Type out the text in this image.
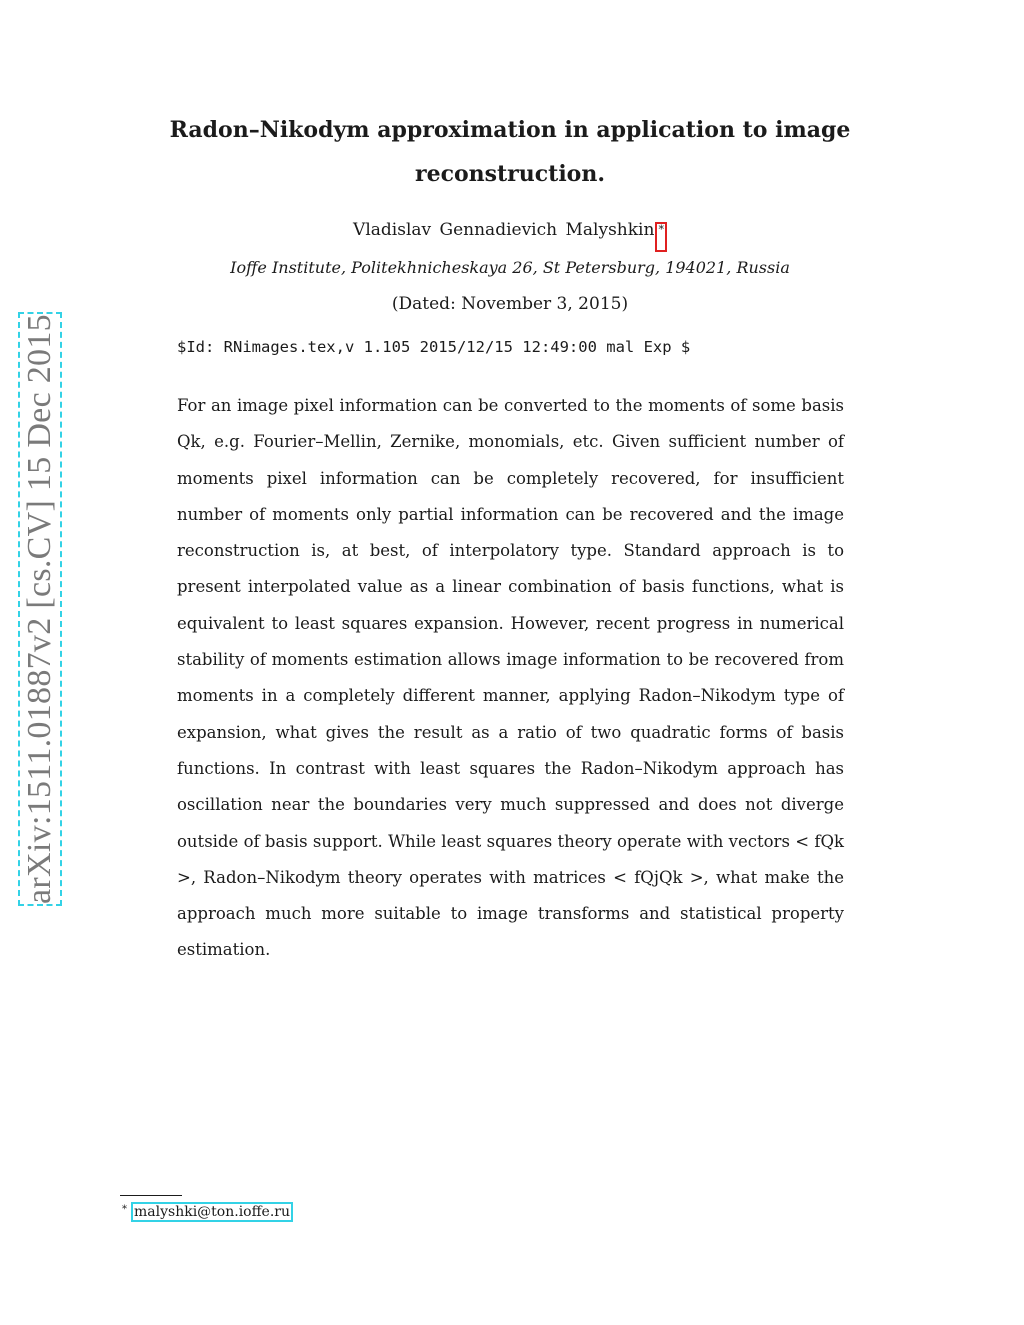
arXiv:1511.01887v2 [cs.CV] 15 Dec 2015
Radon–Nikodym approximation in application to image reconstruction.
Vladislav Gennadievich Malyshkin *
Ioffe Institute, Politekhnicheskaya 26, St Petersburg, 194021, Russia
(Dated: November 3, 2015)
$Id: RNimages.tex,v 1.105 2015/12/15 12:49:00 mal Exp $
For an image pixel information can be converted to the moments of some basis Qk, e.g. Fourier–Mellin, Zernike, monomials, etc. Given sufficient number of moments pixel information can be completely recovered, for insufficient number of moments only partial information can be recovered and the image reconstruction is, at best, of interpolatory type. Standard approach is to present interpolated value as a linear combination of basis functions, what is equivalent to least squares expansion. However, recent progress in numerical stability of moments estimation allows image information to be recovered from moments in a completely different manner, applying Radon–Nikodym type of expansion, what gives the result as a ratio of two quadratic forms of basis functions. In contrast with least squares the Radon–Nikodym approach has oscillation near the boundaries very much suppressed and does not diverge outside of basis support. While least squares theory operate with vectors < fQk >, Radon–Nikodym theory operates with matrices < fQjQk >, what make the approach much more suitable to image transforms and statistical property estimation.
* malyshki@ton.ioffe.ru
